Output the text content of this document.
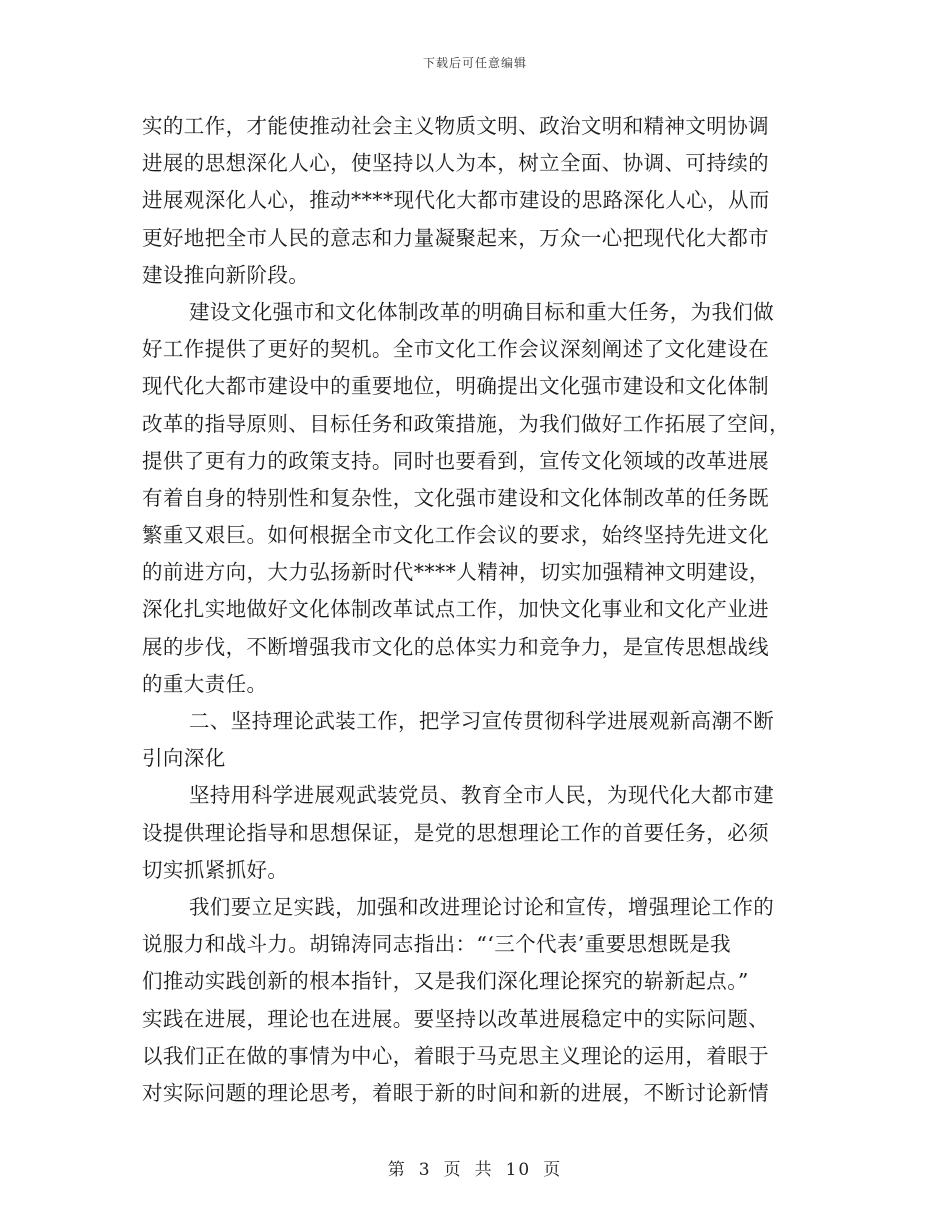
下载后可任意编辑
实的工作，才能使推动社会主义物质文明、政治文明和精神文明协调
进展的思想深化人心，使坚持以人为本，树立全面、协调、可持续的
进展观深化人心，推动****现代化大都市建设的思路深化人心，从而
更好地把全市人民的意志和力量凝聚起来，万众一心把现代化大都市
建设推向新阶段。
建设文化强市和文化体制改革的明确目标和重大任务，为我们做
好工作提供了更好的契机。全市文化工作会议深刻阐述了文化建设在
现代化大都市建设中的重要地位，明确提出文化强市建设和文化体制
改革的指导原则、目标任务和政策措施，为我们做好工作拓展了空间，
提供了更有力的政策支持。同时也要看到，宣传文化领域的改革进展
有着自身的特别性和复杂性，文化强市建设和文化体制改革的任务既
繁重又艰巨。如何根据全市文化工作会议的要求，始终坚持先进文化
的前进方向，大力弘扬新时代****人精神，切实加强精神文明建设，
深化扎实地做好文化体制改革试点工作，加快文化事业和文化产业进
展的步伐，不断增强我市文化的总体实力和竞争力，是宣传思想战线
的重大责任。
二、坚持理论武装工作，把学习宣传贯彻科学进展观新高潮不断
引向深化
坚持用科学进展观武装党员、教育全市人民，为现代化大都市建
设提供理论指导和思想保证，是党的思想理论工作的首要任务，必须
切实抓紧抓好。
我们要立足实践，加强和改进理论讨论和宣传，增强理论工作的
说服力和战斗力。胡锦涛同志指出：“‘三个代表’重要思想既是我
们推动实践创新的根本指针，又是我们深化理论探究的崭新起点。”
实践在进展，理论也在进展。要坚持以改革进展稳定中的实际问题、
以我们正在做的事情为中心，着眼于马克思主义理论的运用，着眼于
对实际问题的理论思考，着眼于新的时间和新的进展，不断讨论新情
第 3 页 共 10 页
